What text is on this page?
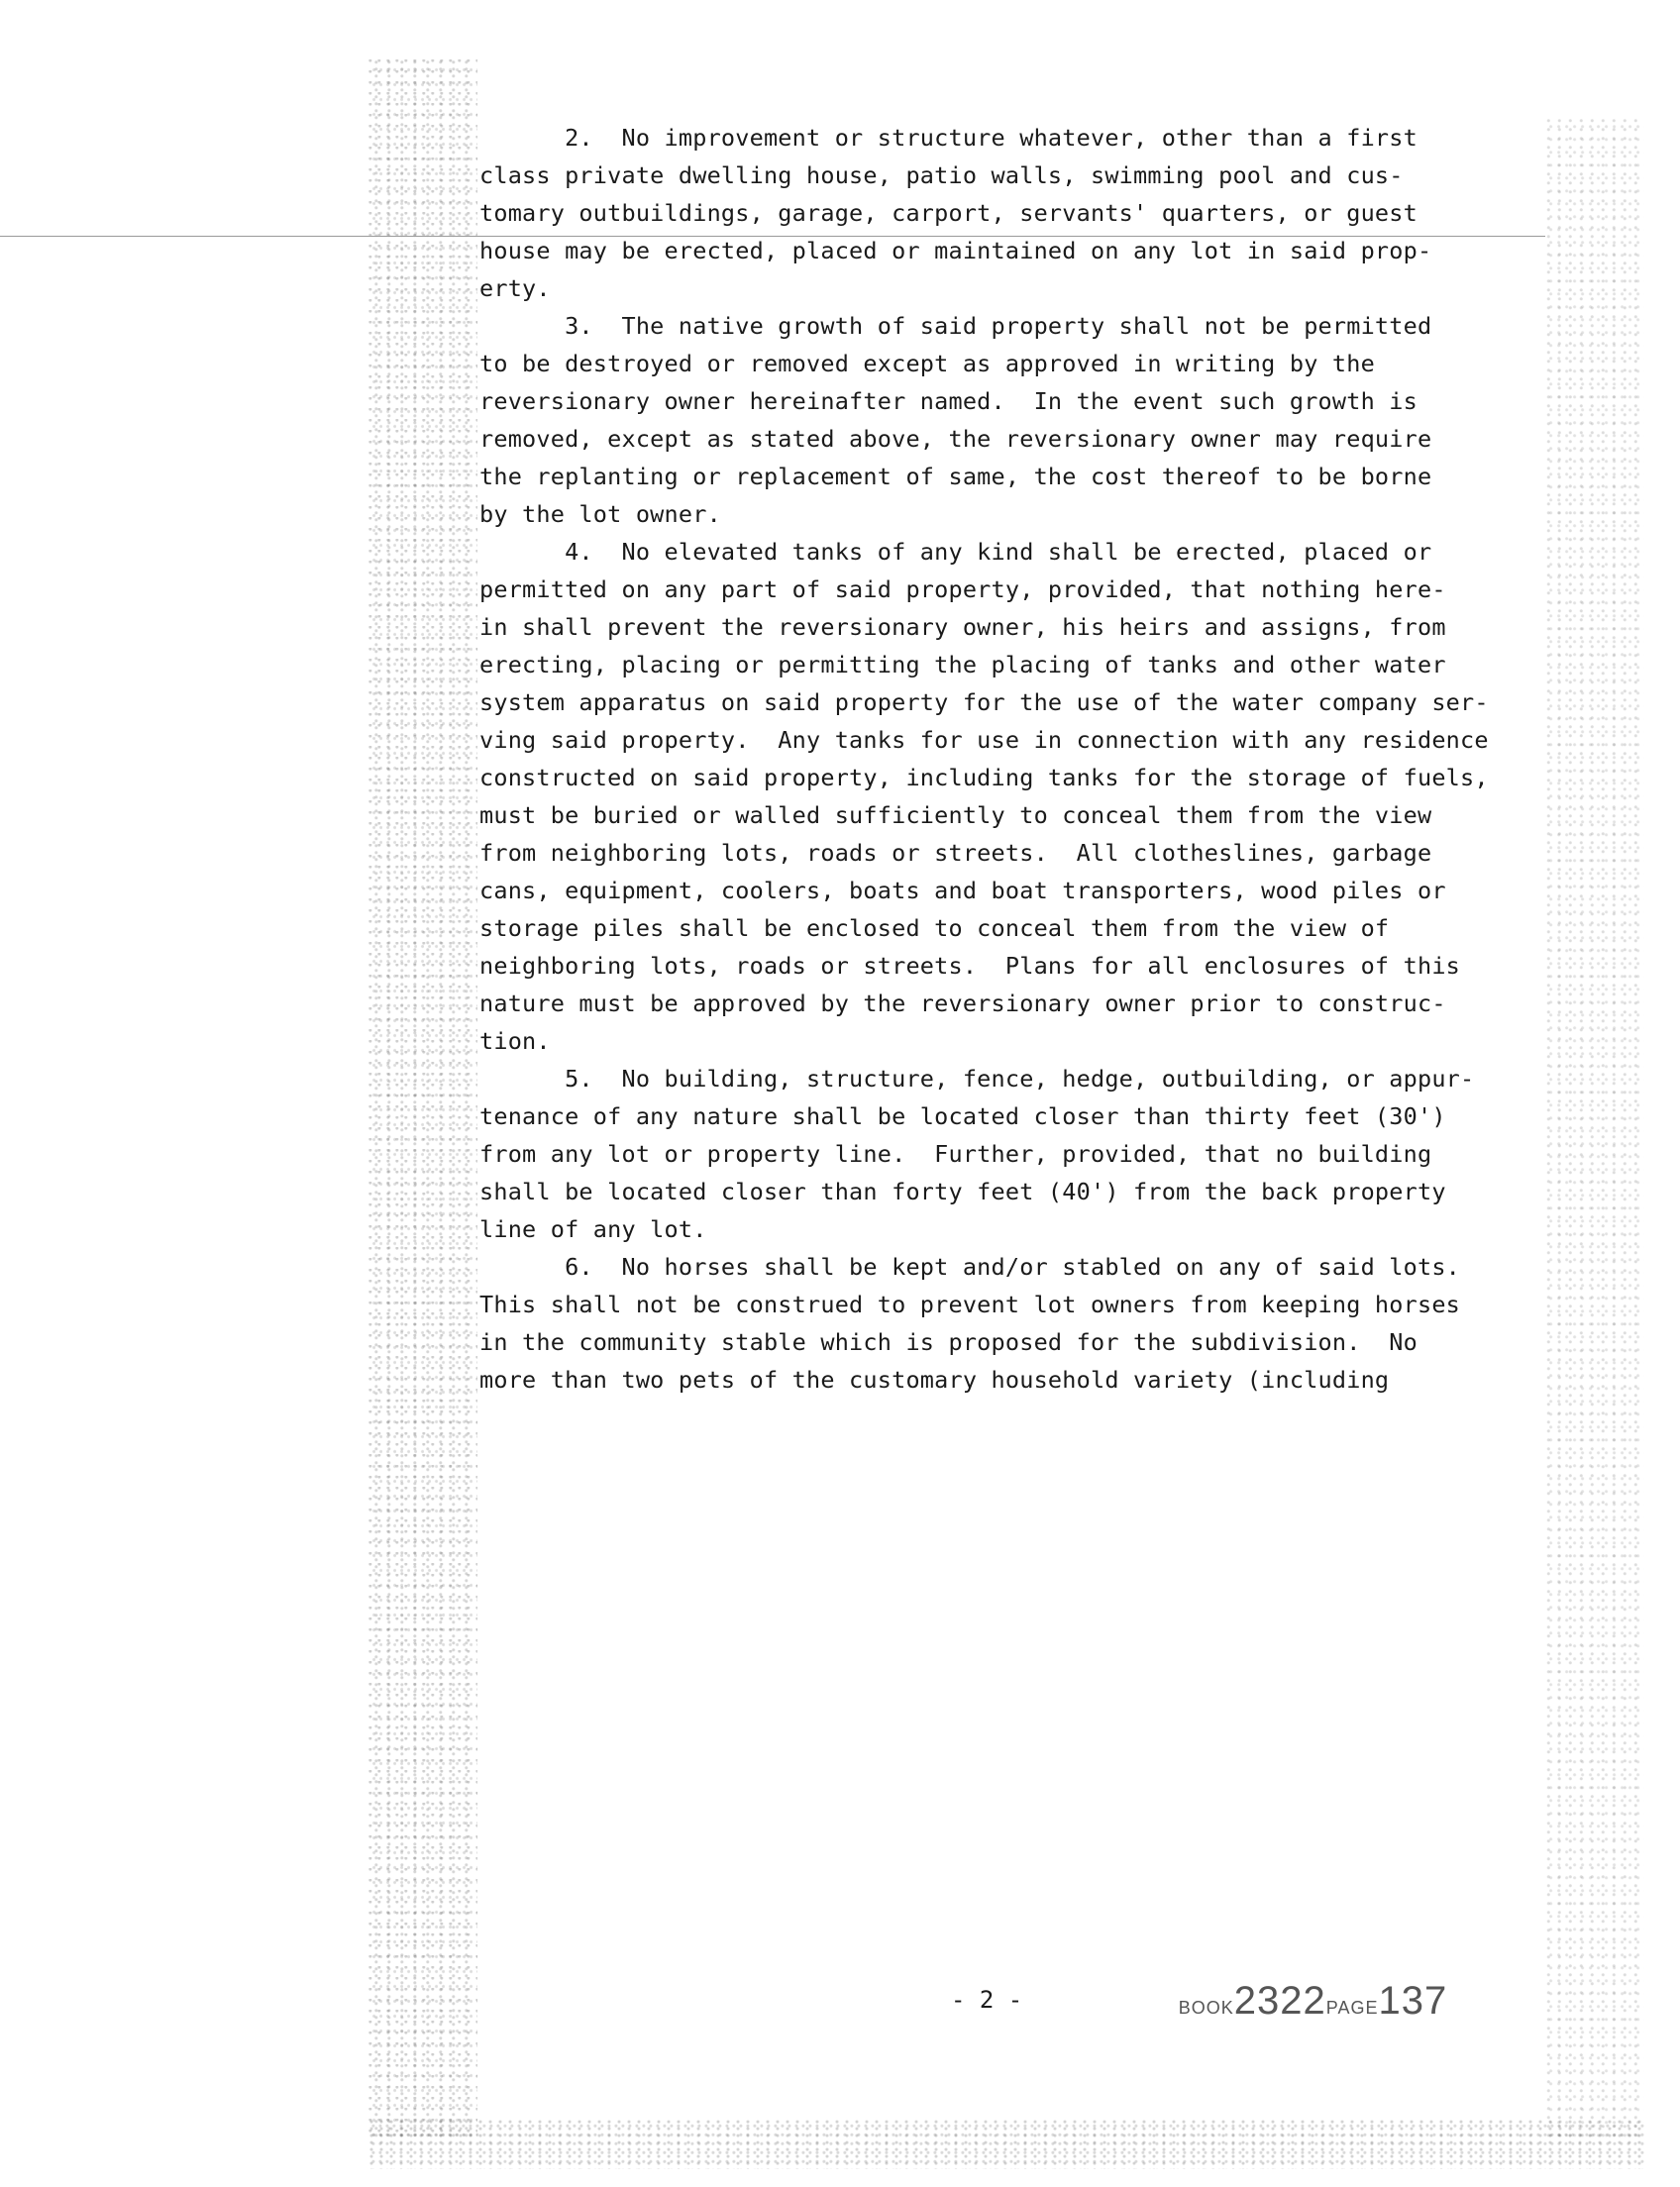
2.  No improvement or structure whatever, other than a first
class private dwelling house, patio walls, swimming pool and cus-
tomary outbuildings, garage, carport, servants' quarters, or guest
house may be erected, placed or maintained on any lot in said prop-
erty.
3.  The native growth of said property shall not be permitted
to be destroyed or removed except as approved in writing by the
reversionary owner hereinafter named.  In the event such growth is
removed, except as stated above, the reversionary owner may require
the replanting or replacement of same, the cost thereof to be borne
by the lot owner.
4.  No elevated tanks of any kind shall be erected, placed or
permitted on any part of said property, provided, that nothing here-
in shall prevent the reversionary owner, his heirs and assigns, from
erecting, placing or permitting the placing of tanks and other water
system apparatus on said property for the use of the water company ser-
ving said property.  Any tanks for use in connection with any residence
constructed on said property, including tanks for the storage of fuels,
must be buried or walled sufficiently to conceal them from the view
from neighboring lots, roads or streets.  All clotheslines, garbage
cans, equipment, coolers, boats and boat transporters, wood piles or
storage piles shall be enclosed to conceal them from the view of
neighboring lots, roads or streets.  Plans for all enclosures of this
nature must be approved by the reversionary owner prior to construc-
tion.
5.  No building, structure, fence, hedge, outbuilding, or appur-
tenance of any nature shall be located closer than thirty feet (30')
from any lot or property line.  Further, provided, that no building
shall be located closer than forty feet (40') from the back property
line of any lot.
6.  No horses shall be kept and/or stabled on any of said lots.
This shall not be construed to prevent lot owners from keeping horses
in the community stable which is proposed for the subdivision.  No
more than two pets of the customary household variety (including
- 2 -	BOOK2322PAGE137
